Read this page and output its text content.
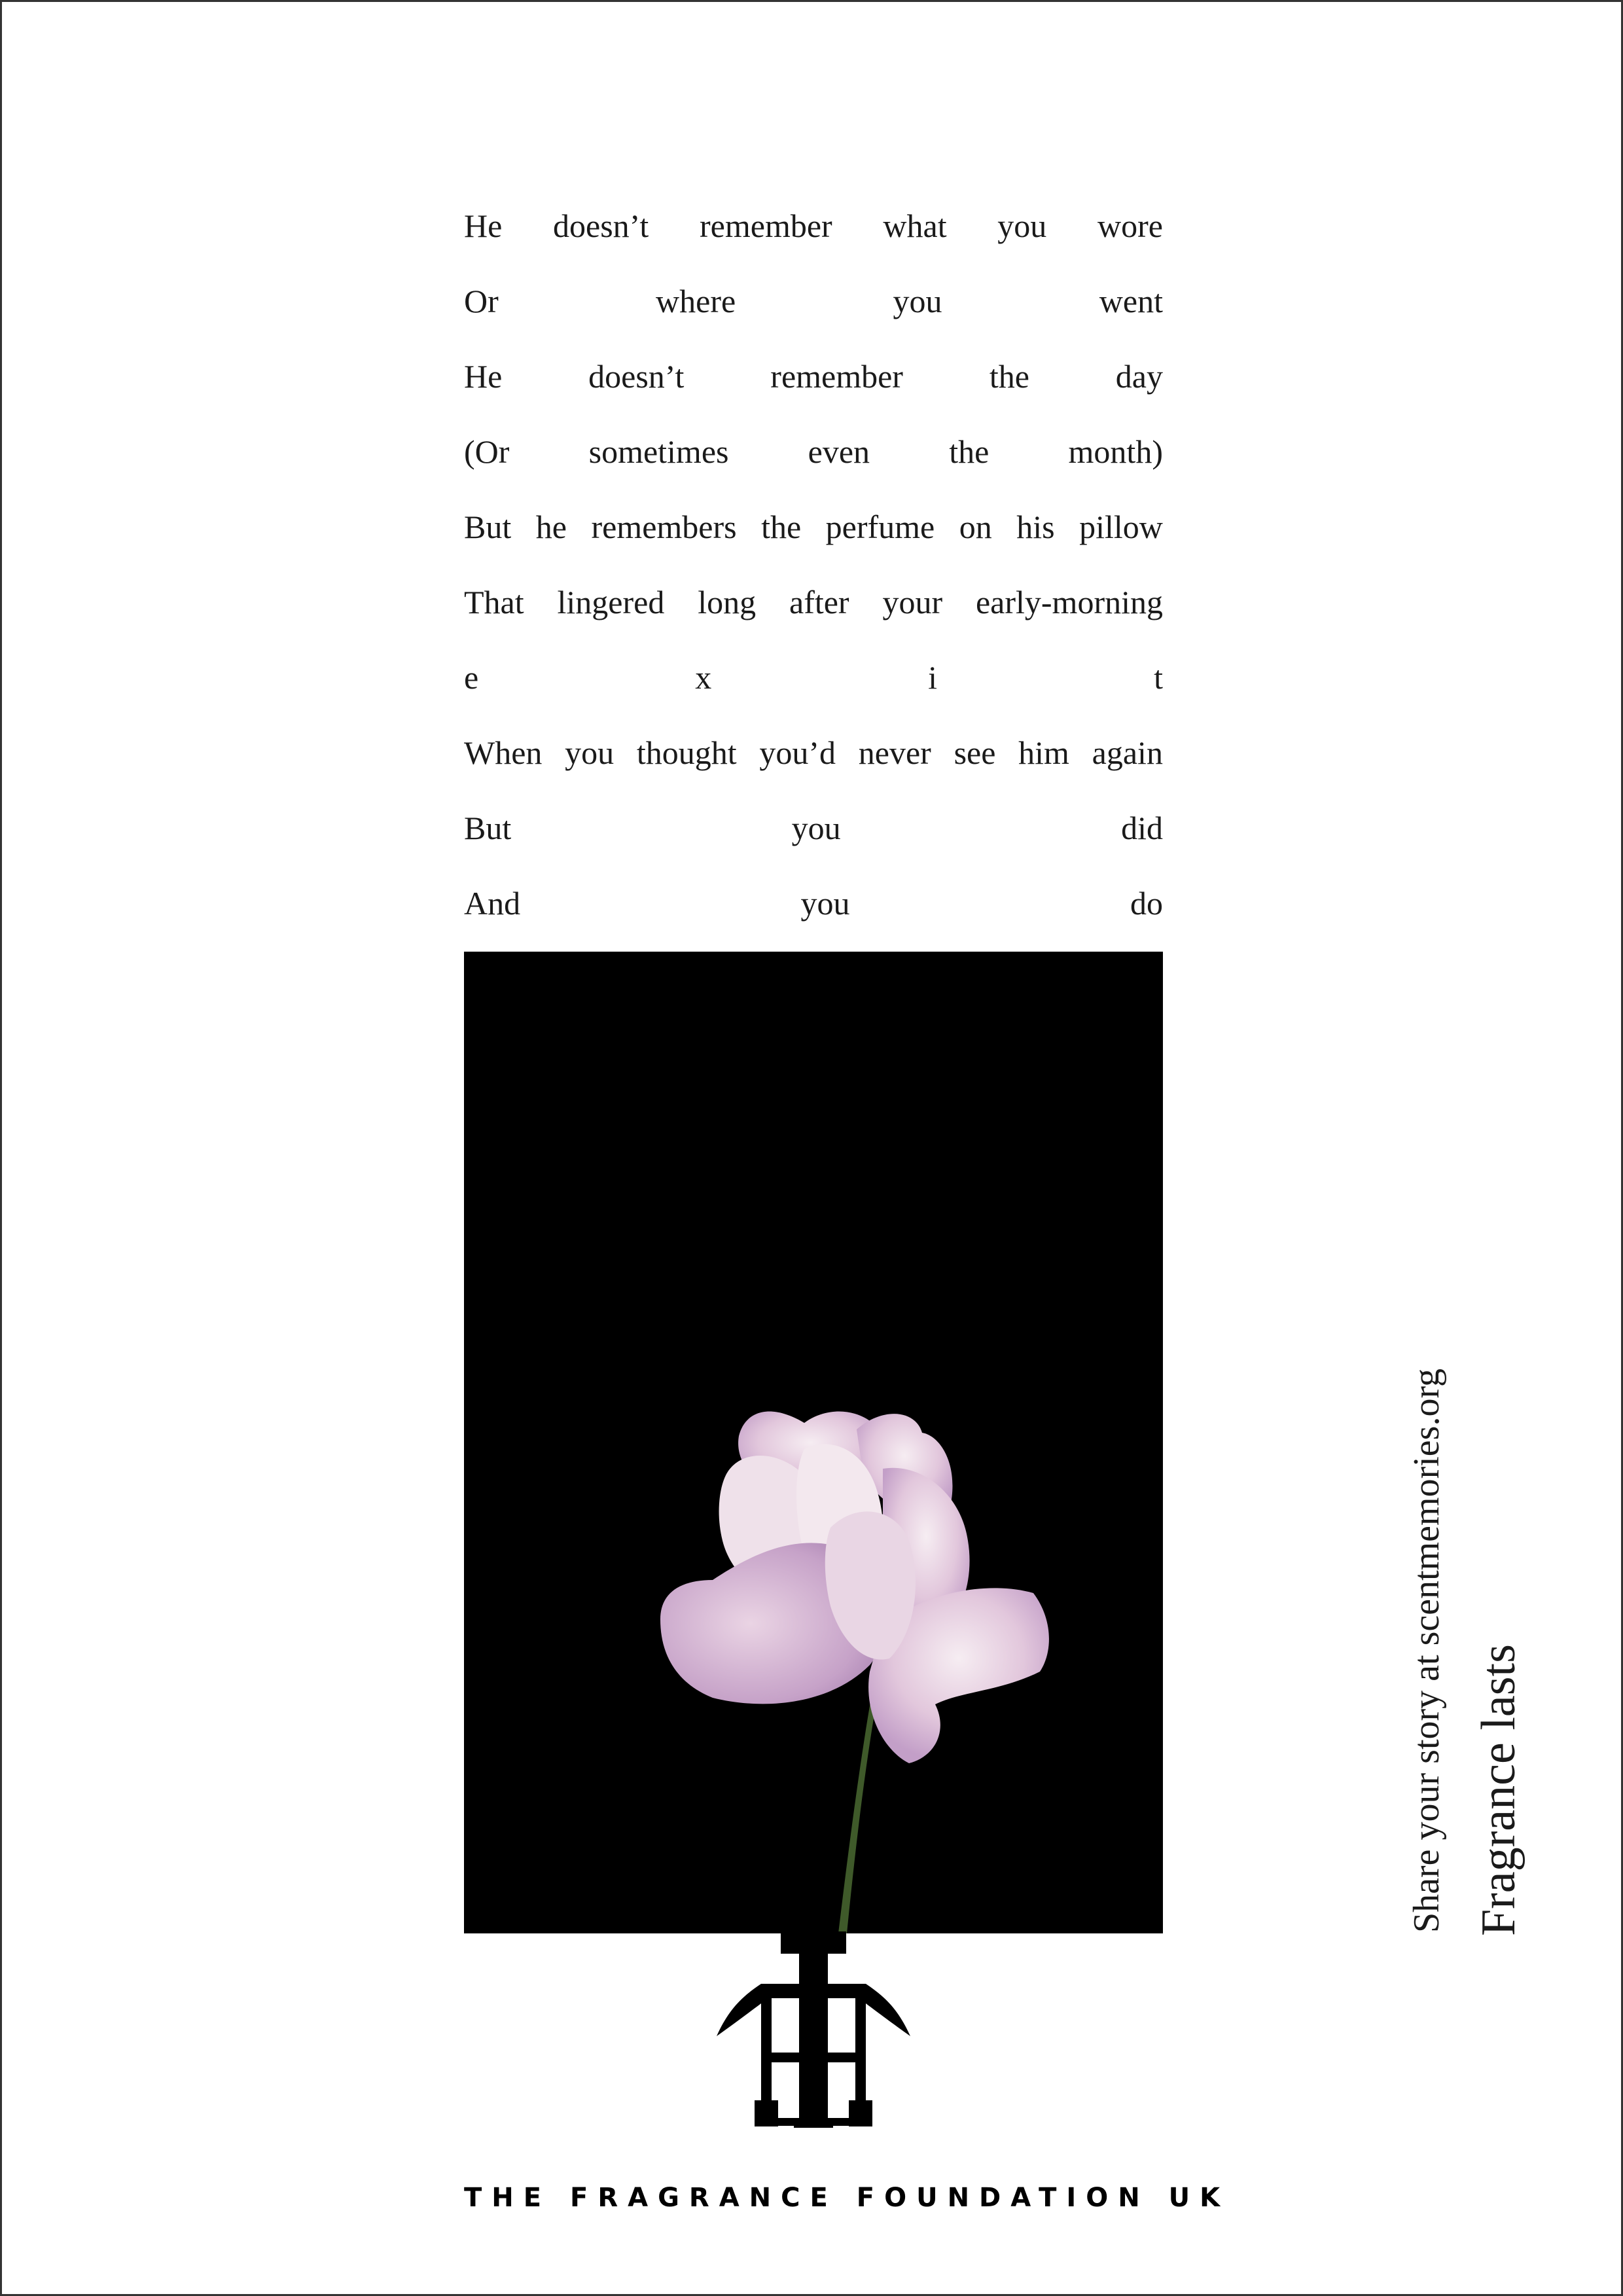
He doesn’t remember what you wore
Or	where	you	went
He	doesn’t	remember	the	day
(Or sometimes even the month)
But he remembers the perfume on his pillow
That lingered long after your early-morning
e	x	i	t
When you thought you’d never see him again
But	you	did
And	you	do
THE FRAGRANCE FOUNDATION UK
Share your story at scentmemories.org Fragrance lasts
